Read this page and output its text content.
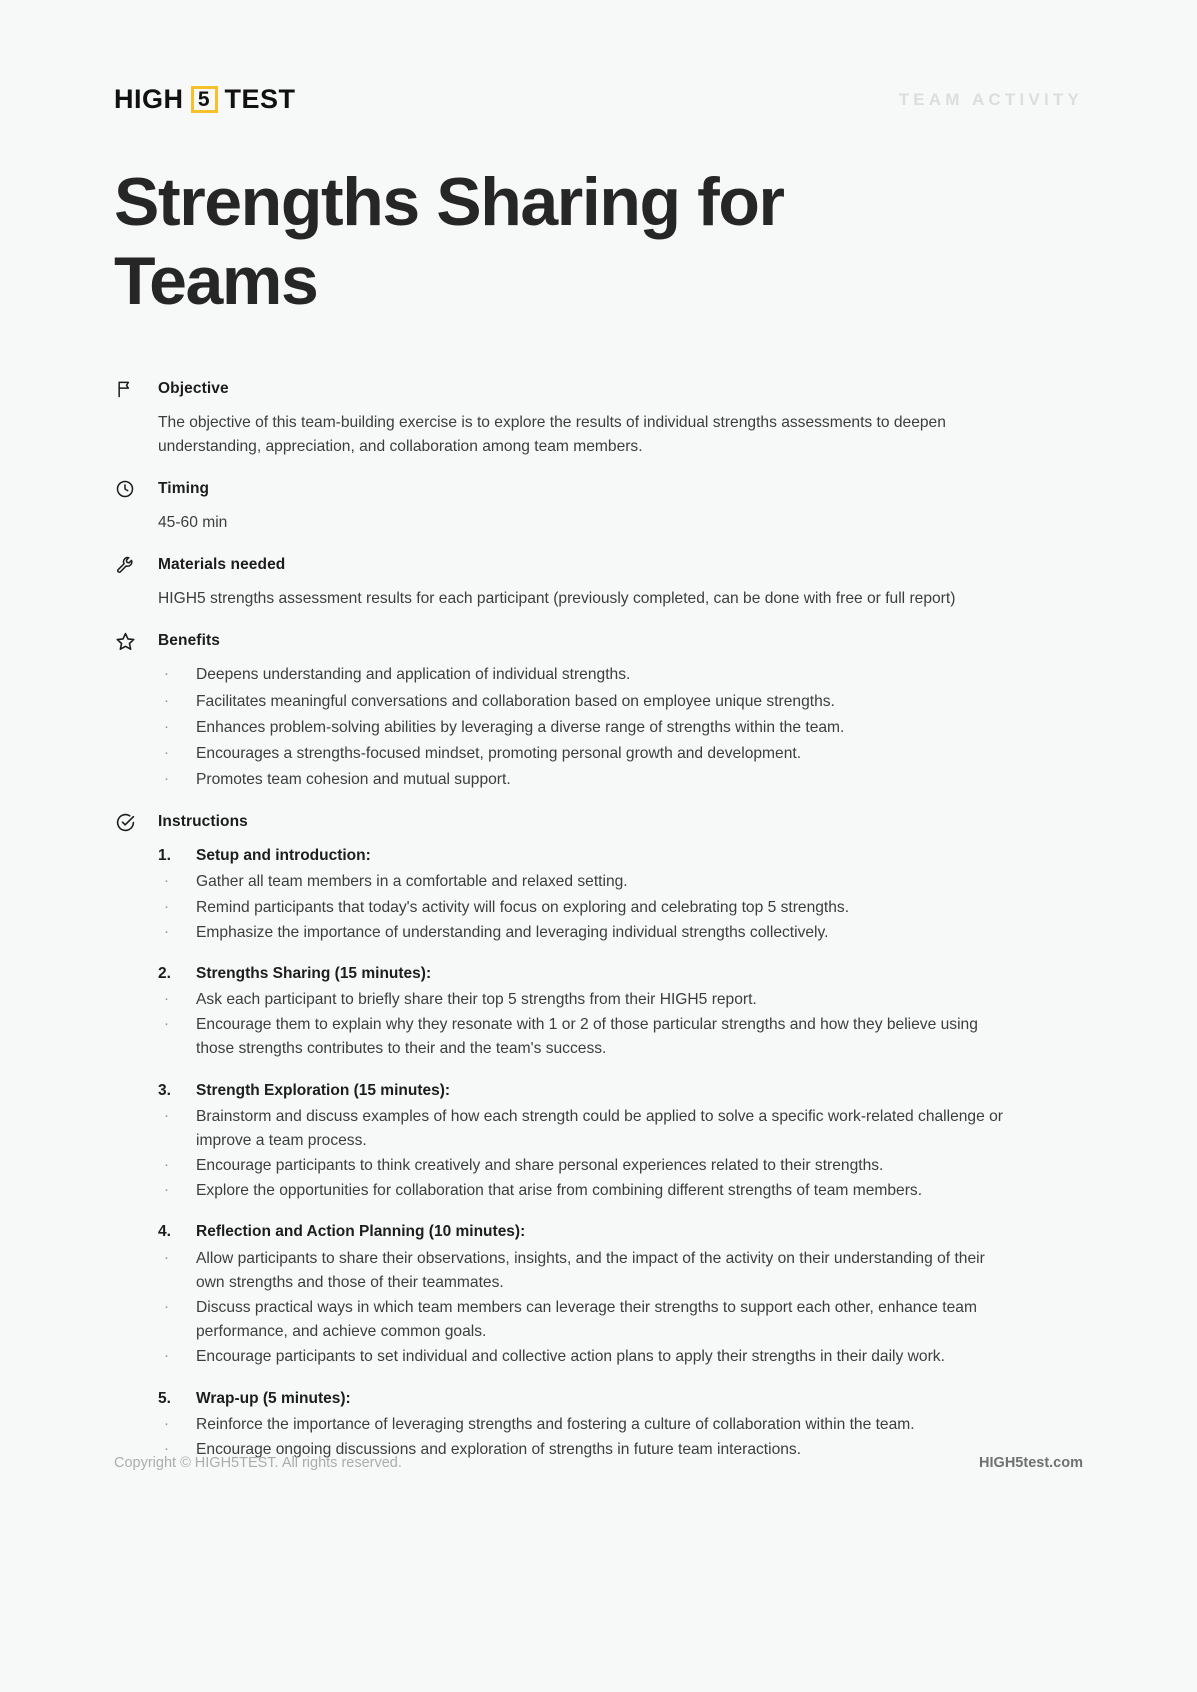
HIGH 5 TEST	TEAM ACTIVITY
Strengths Sharing for Teams
Objective
The objective of this team-building exercise is to explore the results of individual strengths assessments to deepen understanding, appreciation, and collaboration among team members.
Timing
45-60 min
Materials needed
HIGH5 strengths assessment results for each participant (previously completed, can be done with free or full report)
Benefits
· Deepens understanding and application of individual strengths.
· Facilitates meaningful conversations and collaboration based on employee unique strengths.
· Enhances problem-solving abilities by leveraging a diverse range of strengths within the team.
· Encourages a strengths-focused mindset, promoting personal growth and development.
· Promotes team cohesion and mutual support.
Instructions
1.	Setup and introduction:
· Gather all team members in a comfortable and relaxed setting.
· Remind participants that today's activity will focus on exploring and celebrating top 5 strengths.
· Emphasize the importance of understanding and leveraging individual strengths collectively.
2.	Strengths Sharing (15 minutes):
· Ask each participant to briefly share their top 5 strengths from their HIGH5 report.
· Encourage them to explain why they resonate with 1 or 2 of those particular strengths and how they believe using those strengths contributes to their and the team's success.
3.	Strength Exploration (15 minutes):
· Brainstorm and discuss examples of how each strength could be applied to solve a specific work-related challenge or improve a team process.
· Encourage participants to think creatively and share personal experiences related to their strengths.
· Explore the opportunities for collaboration that arise from combining different strengths of team members.
4.	Reflection and Action Planning (10 minutes):
· Allow participants to share their observations, insights, and the impact of the activity on their understanding of their own strengths and those of their teammates.
· Discuss practical ways in which team members can leverage their strengths to support each other, enhance team performance, and achieve common goals.
· Encourage participants to set individual and collective action plans to apply their strengths in their daily work.
5.	Wrap-up (5 minutes):
· Reinforce the importance of leveraging strengths and fostering a culture of collaboration within the team.
· Encourage ongoing discussions and exploration of strengths in future team interactions.
Copyright © HIGH5TEST. All rights reserved.	HIGH5test.com
